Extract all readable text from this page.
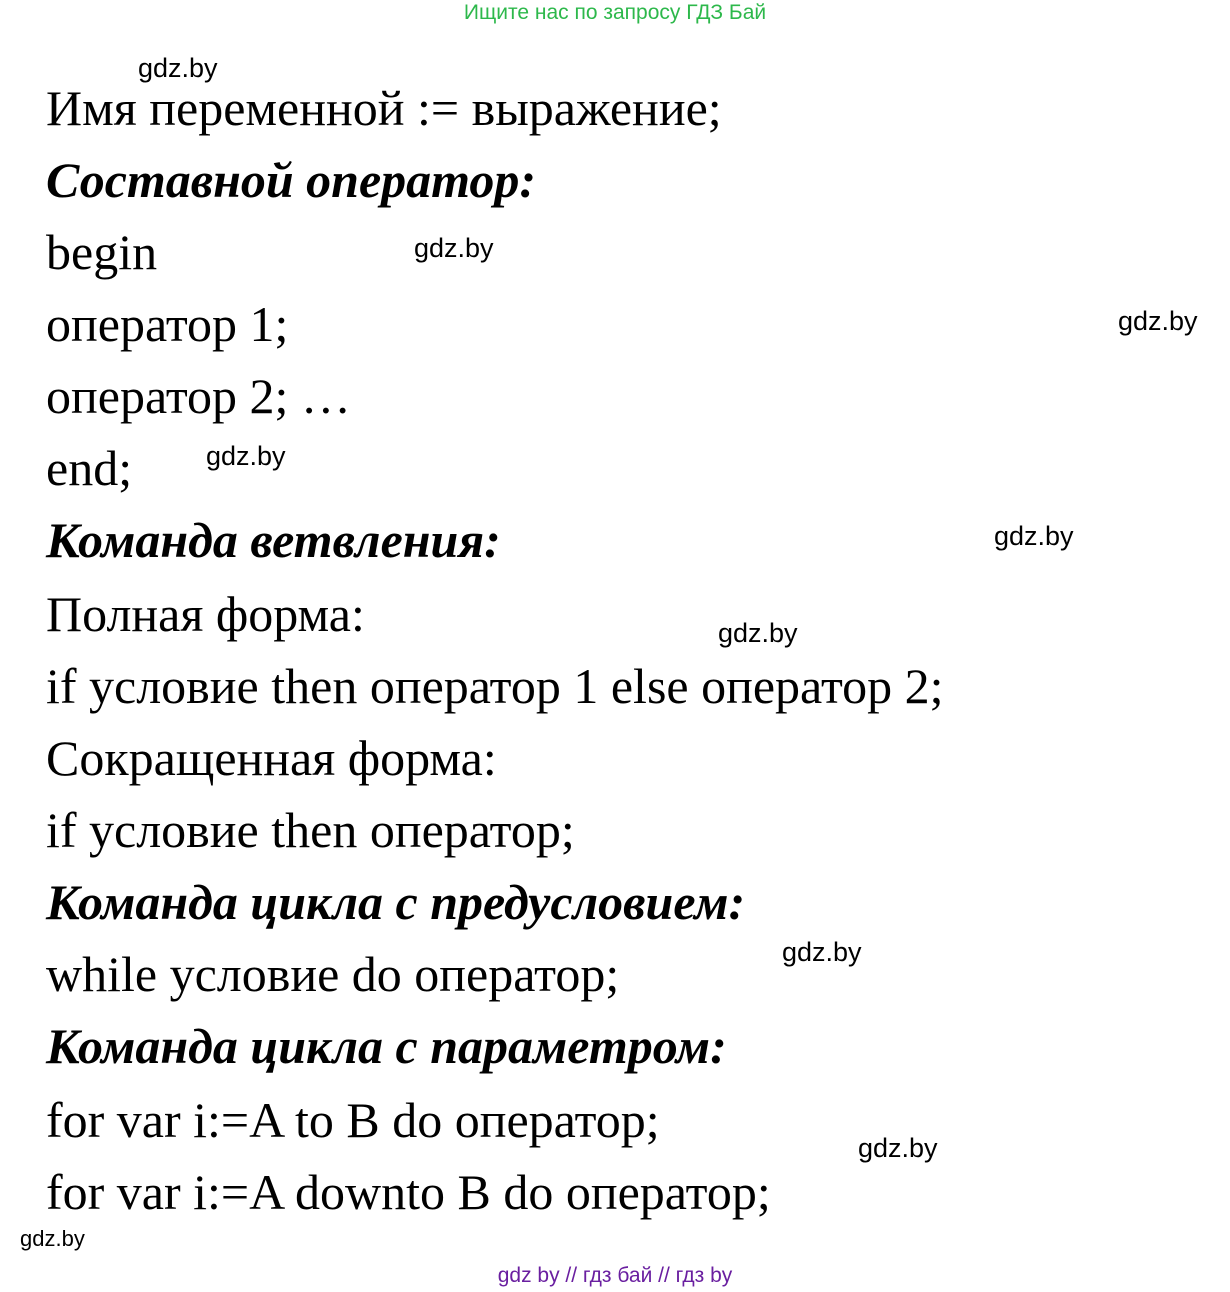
Ищите нас по запросу ГДЗ Бай
Имя переменной := выражение;
Составной оператор:
begin
оператор 1;
оператор 2; …
end;
Команда ветвления:
Полная форма:
if условие then оператор 1 else оператор 2;
Сокращенная форма:
if условие then оператор;
Команда цикла с предусловием:
while условие do оператор;
Команда цикла с параметром:
for var i:=A to B do оператор;
for var i:=A downto B do оператор;
gdz.by
gdz.by
gdz.by
gdz.by
gdz.by
gdz.by
gdz.by
gdz.by
gdz.by
gdz by // гдз бай // гдз by
